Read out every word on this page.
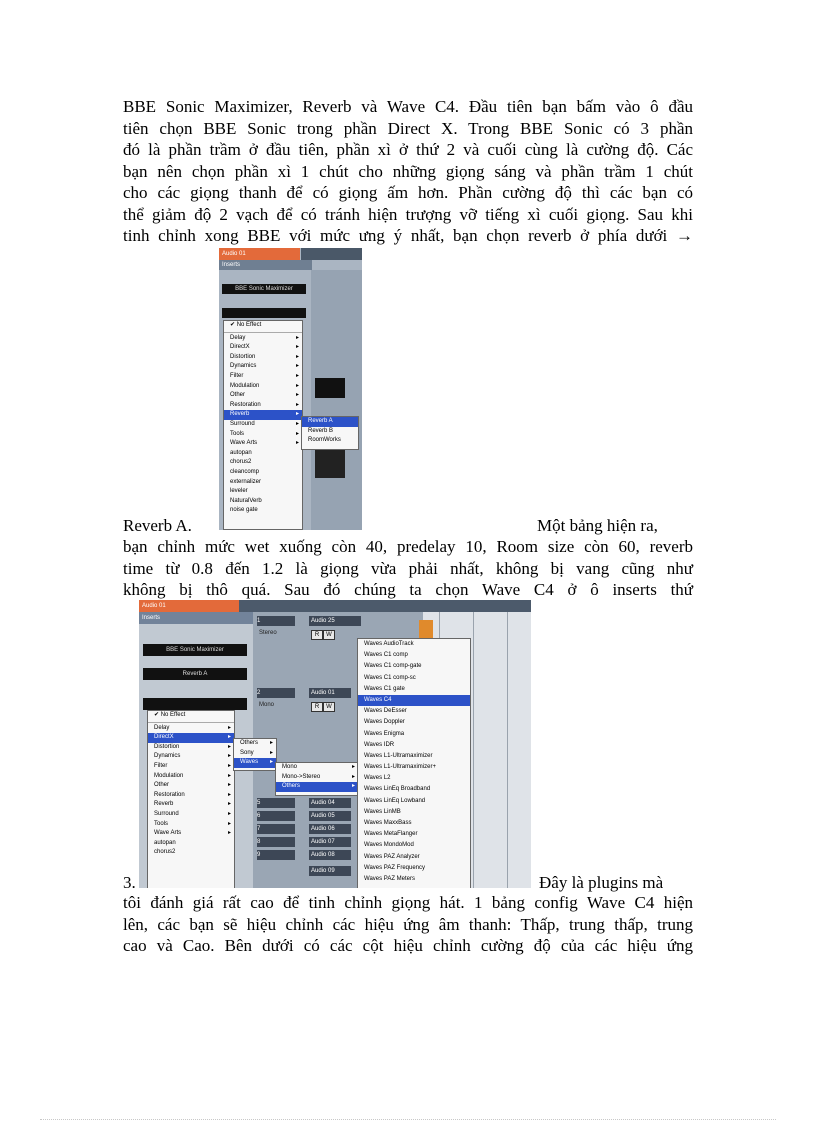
BBE Sonic Maximizer, Reverb và Wave C4. Đầu tiên bạn bấm vào ô đầu
tiên chọn BBE Sonic trong phần Direct X. Trong BBE Sonic có 3 phần
đó là phần trầm ở đầu tiên, phần xì ở thứ 2 và cuối cùng là cường độ. Các
bạn nên chọn phần xì 1 chút cho những giọng sáng và phần trầm 1 chút
cho các giọng thanh để có giọng ấm hơn. Phần cường độ thì các bạn có
thể giảm độ 2 vạch để có tránh hiện trượng vỡ tiếng xì cuối giọng. Sau khi
tinh chỉnh xong BBE với mức ưng ý nhất, bạn chọn reverb ở phía dưới →
Audio 01
Inserts
BBE Sonic Maximizer
✔ No Effect
Delay	▸
DirectX	▸
Distortion	▸
Dynamics	▸
Filter	▸
Modulation	▸
Other	▸
Restoration	▸
Reverb	▸
Surround	▸
Tools	▸
Wave Arts	▸
autopan
chorus2
cleancomp
externalizer
leveler
NaturalVerb
noise gate
Reverb A
Reverb B
RoomWorks
Reverb A.	Một bảng hiện ra,
bạn chỉnh mức wet xuống còn 40, predelay 10, Room size còn 60, reverb
time từ 0.8 đến 1.2 là giọng vừa phải nhất, không bị vang cũng như
không bị thô quá. Sau đó chúng ta chọn Wave C4 ở ô inserts thứ
Audio 01
Inserts
BBE Sonic Maximizer
Reverb A
1	Audio 25
R	W
Stereo
2	Audio 01
R	W
Mono
Audio 04
Audio 05
Audio 06
Audio 07
Audio 08
Audio 09
5
6
7
8
9
✔ No Effect
Delay	▸
DirectX	▸
Distortion	▸
Dynamics	▸
Filter	▸
Modulation	▸
Other	▸
Restoration	▸
Reverb	▸
Surround	▸
Tools	▸
Wave Arts	▸
autopan
chorus2
Others ▸
Sony	▸
Waves ▸
Mono	▸
Mono->Stereo	▸
Others	▸
Waves AudioTrack
Waves C1 comp
Waves C1 comp-gate
Waves C1 comp-sc
Waves C1 gate
Waves C4
Waves DeEsser
Waves Doppler
Waves Enigma
Waves IDR
Waves L1-Ultramaximizer
Waves L1-Ultramaximizer+
Waves L2
Waves LinEq Broadband
Waves LinEq Lowband
Waves LinMB
Waves MaxxBass
Waves MetaFlanger
Waves MondoMod
Waves PAZ Analyzer
Waves PAZ Frequency
Waves PAZ Meters
3.	Đây là plugins mà
tôi đánh giá rất cao để tinh chỉnh giọng hát. 1 bảng config Wave C4 hiện
lên, các bạn sẽ hiệu chỉnh các hiệu ứng âm thanh: Thấp, trung thấp, trung
cao và Cao. Bên dưới có các cột hiệu chỉnh cường độ của các hiệu ứng
